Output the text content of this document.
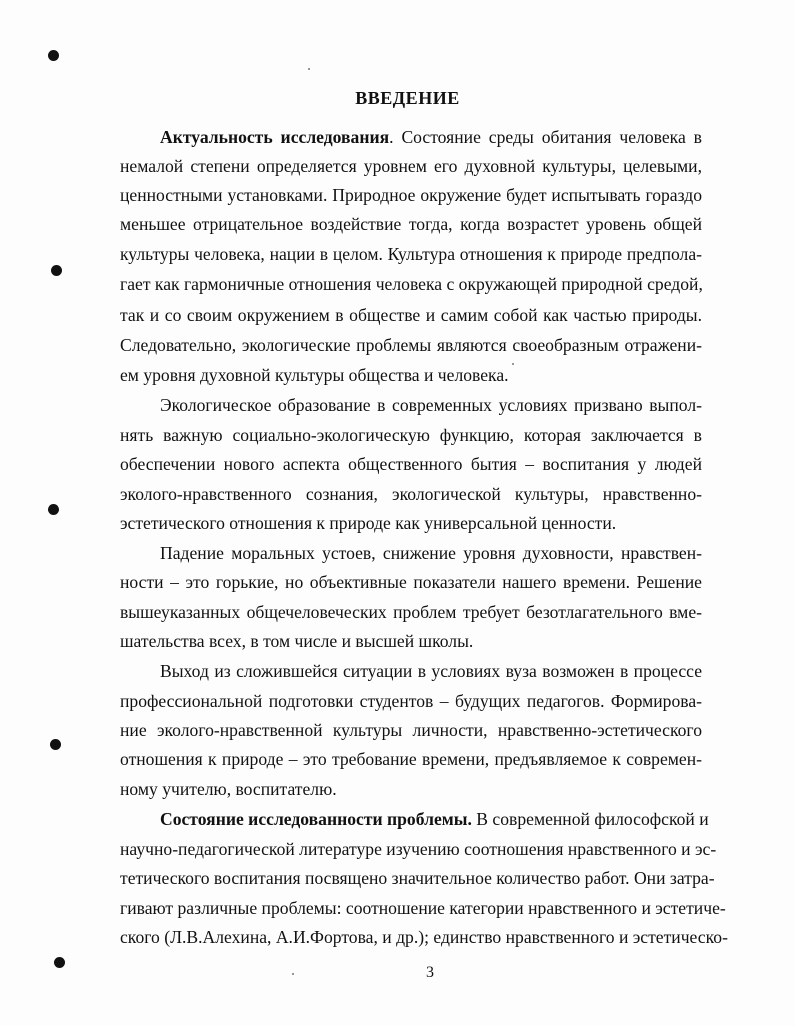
ВВЕДЕНИЕ
Актуальность исследования. Состояние среды обитания человека в
немалой степени определяется уровнем его духовной культуры, целевыми,
ценностными установками. Природное окружение будет испытывать гораздо
меньшее отрицательное воздействие тогда, когда возрастет уровень общей
культуры человека, нации в целом. Культура отношения к природе предпола-
гает как гармоничные отношения человека с окружающей природной средой,
так и со своим окружением в обществе и самим собой как частью природы.
Следовательно, экологические проблемы являются своеобразным отражени-
ем уровня духовной культуры общества и человека.
Экологическое образование в современных условиях призвано выпол-
нять важную социально-экологическую функцию, которая заключается в
обеспечении нового аспекта общественного бытия – воспитания у людей
эколого-нравственного сознания, экологической культуры, нравственно-
эстетического отношения к природе как универсальной ценности.
Падение моральных устоев, снижение уровня духовности, нравствен-
ности – это горькие, но объективные показатели нашего времени. Решение
вышеуказанных общечеловеческих проблем требует безотлагательного вме-
шательства всех, в том числе и высшей школы.
Выход из сложившейся ситуации в условиях вуза возможен в процессе
профессиональной подготовки студентов – будущих педагогов. Формирова-
ние эколого-нравственной культуры личности, нравственно-эстетического
отношения к природе – это требование времени, предъявляемое к современ-
ному учителю, воспитателю.
Состояние исследованности проблемы. В современной философской и
научно-педагогической литературе изучению соотношения нравственного и эс-
тетического воспитания посвящено значительное количество работ. Они затра-
гивают различные проблемы: соотношение категории нравственного и эстетиче-
ского (Л.В.Алехина, А.И.Фортова, и др.); единство нравственного и эстетическо-
3
